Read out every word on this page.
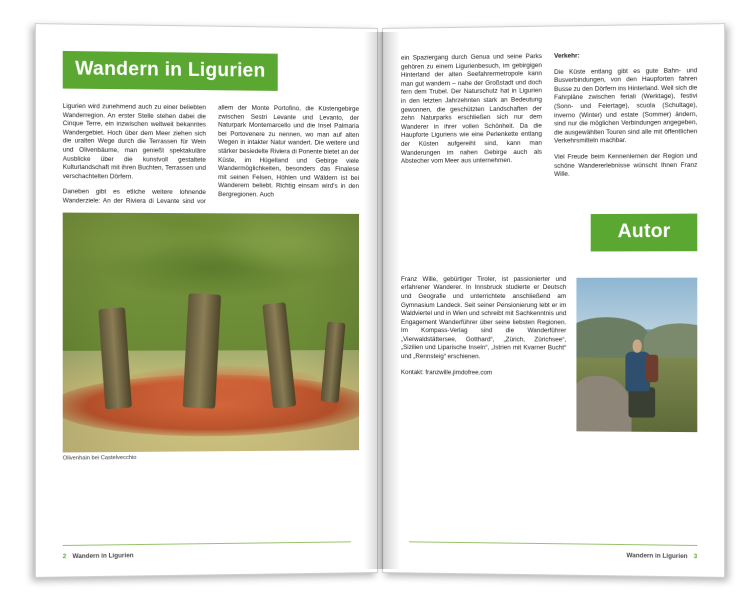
Wandern in Ligurien

Ligurien wird zunehmend auch zu einer beliebten Wanderregion. An erster Stelle stehen dabei die Cinque Terre, ein inzwischen weltweit bekanntes Wandergebiet. Hoch über dem Meer ziehen sich die uralten Wege durch die Terrassen für Wein und Olivenbäume, man genießt spektakuläre Ausblicke über die kunstvoll gestaltete Kulturlandschaft mit ihren Buchten, Terrassen und verschachtelten Dörfern.

Daneben gibt es etliche weitere lohnende Wanderziele: An der Riviera di Levante sind vor allem der Monte Portofino, die Küstengebirge zwischen Sestri Levante und Levanto, der Naturpark Montemarcello und die Insel Palmaria bei Portovenere zu nennen, wo man auf alten Wegen in intakter Natur wandert. Die weitere und stärker besiedelte Riviera di Ponente bietet an der Küste, im Hügelland und Gebirge viele Wandermöglichkeiten, besonders das Finalese mit seinen Felsen, Höhlen und Wäldern ist bei Wanderern beliebt. Richtig einsam wird's in den Bergregionen. Auch

Olivenhain bei Castelvecchio
2 Wandern in Ligurien

ein Spaziergang durch Genua und seine Parks gehören zu einem Ligurienbesuch, im gebirgigen Hinterland der alten Seefahrermetropole kann man gut wandern – nahe der Großstadt und doch fern dem Trubel. Der Naturschutz hat in Ligurien in den letzten Jahrzehnten stark an Bedeutung gewonnen, die geschützten Landschaften der zehn Naturparks erschließen sich nur dem Wanderer in ihrer vollen Schönheit. Da die Haupforte Liguriens wie eine Perlenkette entlang der Küsten aufgereiht sind, kann man Wanderungen im nahen Gebirge auch als Abstecher vom Meer aus unternehmen.

Verkehr:

Die Küste entlang gibt es gute Bahn- und Busverbindungen, von den Haupforten fahren Busse zu den Dörfern ins Hinterland. Weil sich die Fahrpläne zwischen feriali (Werktage), festivi (Sonn- und Feiertage), scuola (Schultage), inverno (Winter) und estate (Sommer) ändern, sind nur die möglichen Verbindungen angegeben, die ausgewählten Touren sind alle mit öffentlichen Verkehrsmitteln machbar.

Viel Freude beim Kennenlernen der Region und schöne Wandererlebnisse wünscht Ihnen Franz Wille.

Autor
Franz Wille, gebürtiger Tiroler, ist passionierter und erfahrener Wanderer. In Innsbruck studierte er Deutsch und Geografie und unterrichtete anschließend am Gymnasium Landeck. Seit seiner Pensionierung lebt er im Waldviertel und in Wien und schreibt mit Sachkenntnis und Engagement Wanderführer über seine liebsten Regionen. Im Kompass-Verlag sind die Wanderführer „Vierwaldstättersee, Gotthard“, „Zürich, Zürichsee“, „Sizilien und Liparische Inseln“, „Istrien mit Kvarner Bucht“ und „Rennsteig“ erschienen.
Kontakt: franzwille.jimdofree.com
Wandern in Ligurien 3
